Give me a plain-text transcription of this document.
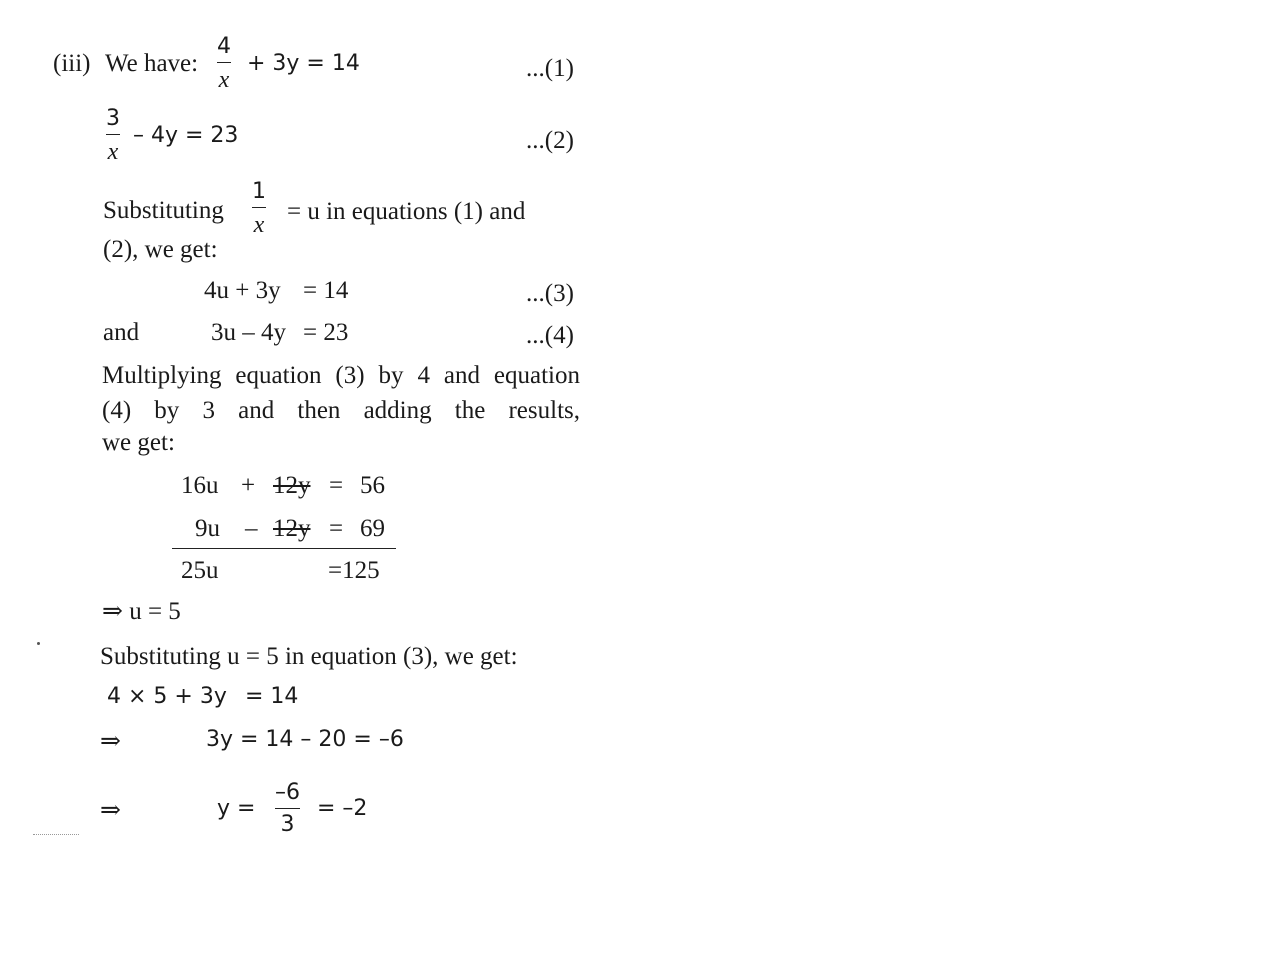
(iii) We have:
4
x
+ 3y = 14	...(1)
3
x
– 4y = 23	...(2)
Substituting
1
x = u in equations (1) and
(2), we get:
4u + 3y = 14	...(3)
and	3u – 4y = 23	...(4)
Multiplying equation (3) by 4 and equation
(4) by 3 and then adding the results,
we get:
16u + 12y = 56
9u – 12y = 69
25u	=125
⇒ u = 5
Substituting u = 5 in equation (3), we get:
4 × 5 + 3y = 14
⇒	3y = 14 – 20 = –6
⇒	y =
–6
3
= –2
